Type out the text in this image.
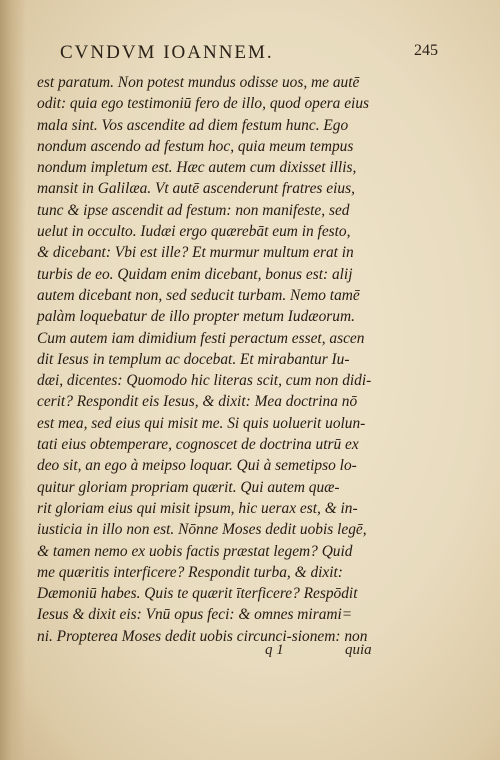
CVNDVM IOANNEM.	245
est paratum. Non potest mundus odisse uos, me autē
odit: quia ego testimoniū fero de illo, quod opera eius
mala sint. Vos ascendite ad diem festum hunc. Ego
nondum ascendo ad festum hoc, quia meum tempus
nondum impletum est. Hæc autem cum dixisset illis,
mansit in Galilæa. Vt autē ascenderunt fratres eius,
tunc & ipse ascendit ad festum: non manifeste, sed
uelut in occulto. Iudæi ergo quærebāt eum in festo,
& dicebant: Vbi est ille? Et murmur multum erat in
turbis de eo. Quidam enim dicebant, bonus est: alij
autem dicebant non, sed seducit turbam. Nemo tamē
palàm loquebatur de illo propter metum Iudæorum.
Cum autem iam dimidium festi peractum esset, ascen
dit Iesus in templum ac docebat. Et mirabantur Iu-
dæi, dicentes: Quomodo hic literas scit, cum non didi-
cerit? Respondit eis Iesus, & dixit: Mea doctrina nō
est mea, sed eius qui misit me. Si quis uoluerit uolun-
tati eius obtemperare, cognoscet de doctrina utrū ex
deo sit, an ego à meipso loquar. Qui à semetipso lo-
quitur gloriam propriam quærit. Qui autem quæ-
rit gloriam eius qui misit ipsum, hic uerax est, & in-
iusticia in illo non est. Nōnne Moses dedit uobis legē,
& tamen nemo ex uobis factis præstat legem? Quid
me quæritis interficere? Respondit turba, & dixit:
Dæmoniū habes. Quis te quærit īterficere? Respōdit
Iesus & dixit eis: Vnū opus feci: & omnes mirami=
ni. Propterea Moses dedit uobis circunci-sionem: non
q 1	quia
